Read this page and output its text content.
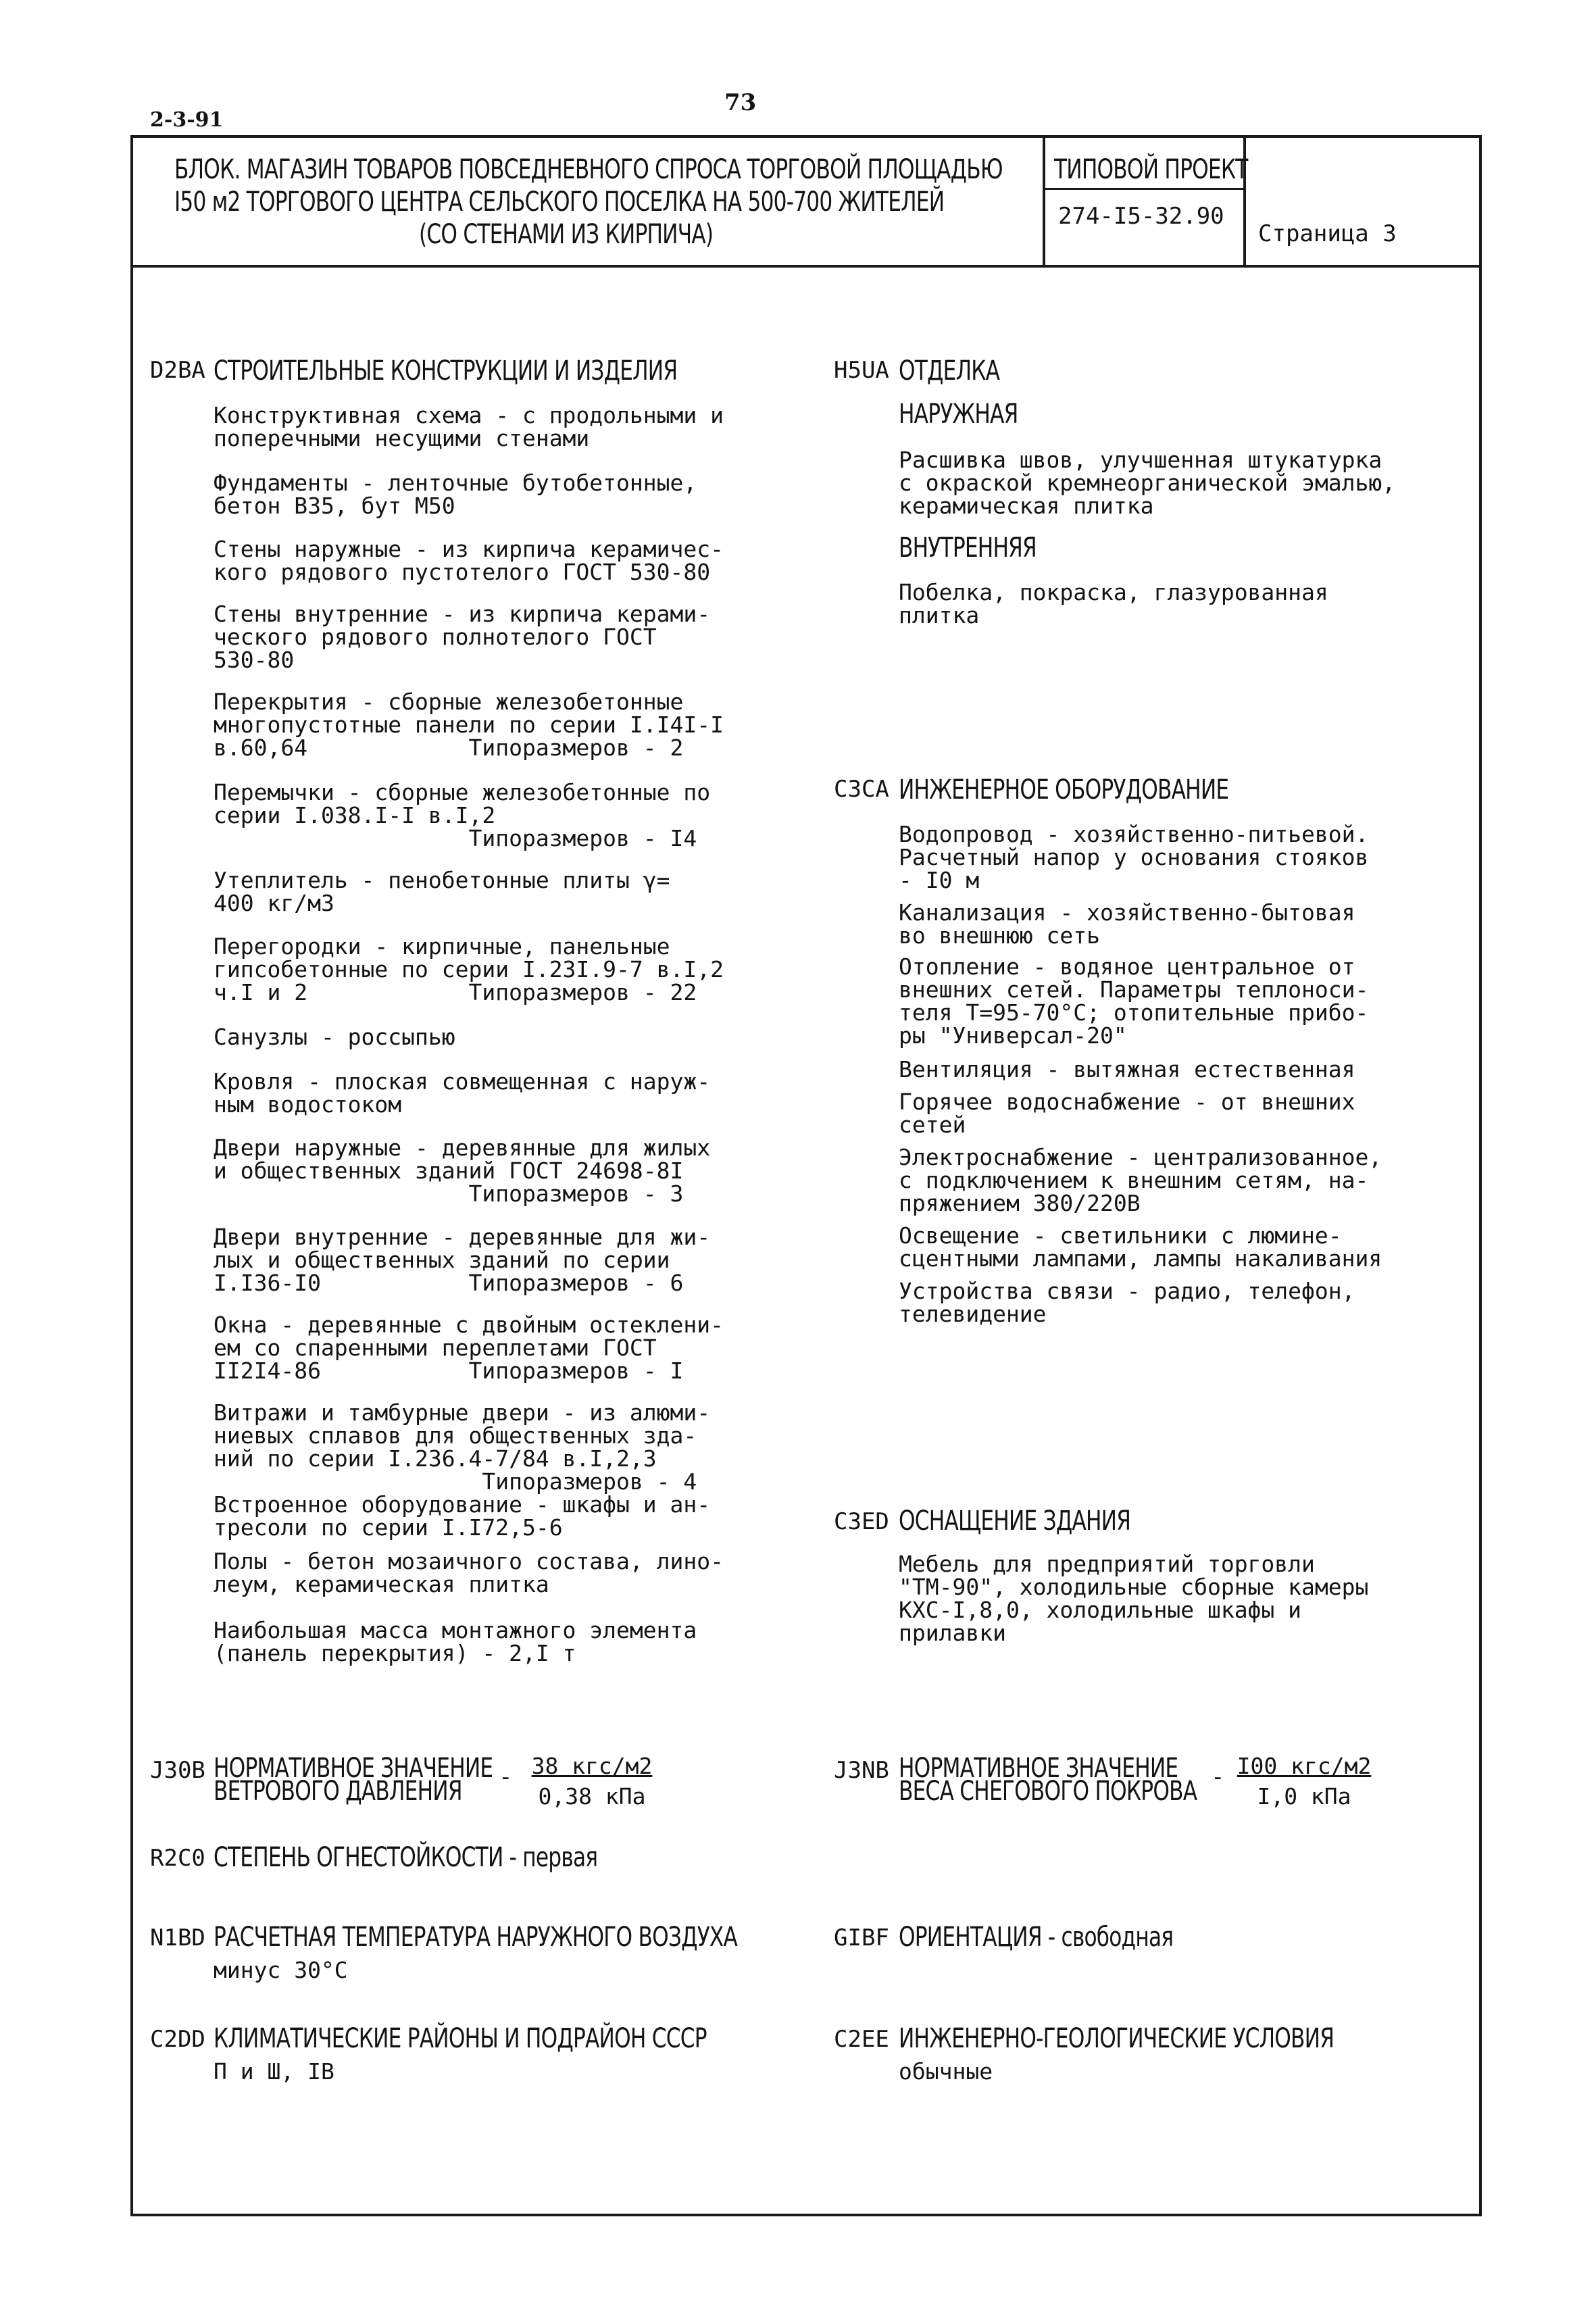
2-3-91
73
БЛОК. МАГАЗИН ТОВАРОВ ПОВСЕДНЕВНОГО СПРОСА ТОРГОВОЙ ПЛОЩАДЬЮ
I50 м2 ТОРГОВОГО ЦЕНТРА СЕЛЬСКОГО ПОСЕЛКА НА 500-700 ЖИТЕЛЕЙ
(СО СТЕНАМИ ИЗ КИРПИЧА)
ТИПОВОЙ ПРОЕКТ
274-I5-32.90
Страница 3
D2BA СТРОИТЕЛЬНЫЕ КОНСТРУКЦИИ И ИЗДЕЛИЯ
Конструктивная схема - с продольными и
поперечными несущими стенами
Фундаменты - ленточные бутобетонные,
бетон В35, бут М50
Стены наружные - из кирпича керамичес-
кого рядового пустотелого ГОСТ 530-80
Стены внутренние - из кирпича керами-
ческого рядового полнотелого ГОСТ
530-80
Перекрытия - сборные железобетонные
многопустотные панели по серии I.I4I-I
в.60,64            Типоразмеров - 2
Перемычки - сборные железобетонные по
серии I.038.I-I в.I,2
Типоразмеров - I4
Утеплитель - пенобетонные плиты γ=
400 кг/м3
Перегородки - кирпичные, панельные
гипсобетонные по серии I.23I.9-7 в.I,2
ч.I и 2            Типоразмеров - 22
Санузлы - россыпью
Кровля - плоская совмещенная с наруж-
ным водостоком
Двери наружные - деревянные для жилых
и общественных зданий ГОСТ 24698-8I
Типоразмеров - 3
Двери внутренние - деревянные для жи-
лых и общественных зданий по серии
I.I36-I0           Типоразмеров - 6
Окна - деревянные с двойным остеклени-
ем со спаренными переплетами ГОСТ
II2I4-86           Типоразмеров - I
Витражи и тамбурные двери - из алюми-
ниевых сплавов для общественных зда-
ний по серии I.236.4-7/84 в.I,2,3
Типоразмеров - 4
Встроенное оборудование - шкафы и ан-
тресоли по серии I.I72,5-6
Полы - бетон мозаичного состава, лино-
леум, керамическая плитка
Наибольшая масса монтажного элемента
(панель перекрытия) - 2,I т
J30B НОРМАТИВНОЕ ЗНАЧЕНИЕ
ВЕТРОВОГО ДАВЛЕНИЯ - 38 кгс/м2
0,38 кПа
R2C0 СТЕПЕНЬ ОГНЕСТОЙКОСТИ - первая
N1BD РАСЧЕТНАЯ ТЕМПЕРАТУРА НАРУЖНОГО ВОЗДУХА
минус 30°С
C2DD КЛИМАТИЧЕСКИЕ РАЙОНЫ И ПОДРАЙОН СССР
П и Ш, IВ
H5UA ОТДЕЛКА
НАРУЖНАЯ
Расшивка швов, улучшенная штукатурка
с окраской кремнеорганической эмалью,
керамическая плитка
ВНУТРЕННЯЯ
Побелка, покраска, глазурованная
плитка
C3CA ИНЖЕНЕРНОЕ ОБОРУДОВАНИЕ
Водопровод - хозяйственно-питьевой.
Расчетный напор у основания стояков
- I0 м
Канализация - хозяйственно-бытовая
во внешнюю сеть
Отопление - водяное центральное от
внешних сетей. Параметры теплоноси-
теля Т=95-70°С; отопительные прибо-
ры "Универсал-20"
Вентиляция - вытяжная естественная
Горячее водоснабжение - от внешних
сетей
Электроснабжение - централизованное,
с подключением к внешним сетям, на-
пряжением 380/220В
Освещение - светильники с люмине-
сцентными лампами, лампы накаливания
Устройства связи - радио, телефон,
телевидение
C3ED ОСНАЩЕНИЕ ЗДАНИЯ
Мебель для предприятий торговли
"ТМ-90", холодильные сборные камеры
КХС-I,8,0, холодильные шкафы и
прилавки
J3NB НОРМАТИВНОЕ ЗНАЧЕНИЕ
ВЕСА СНЕГОВОГО ПОКРОВА - I00 кгс/м2
I,0 кПа
GIBF ОРИЕНТАЦИЯ - свободная
C2EE ИНЖЕНЕРНО-ГЕОЛОГИЧЕСКИЕ УСЛОВИЯ
обычные
